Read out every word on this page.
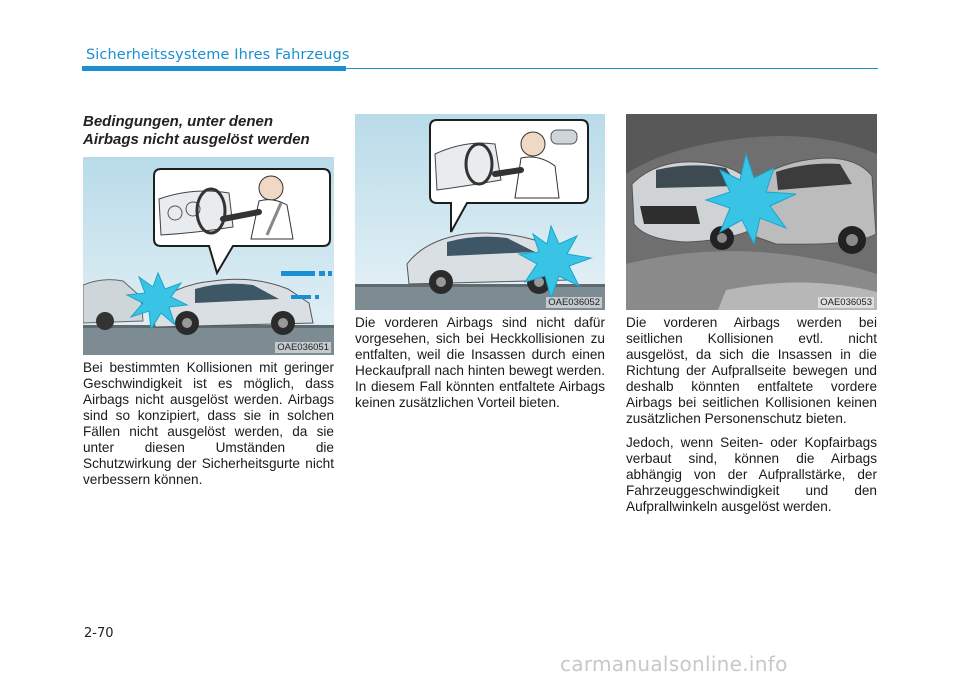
Sicherheitssysteme Ihres Fahrzeugs
Bedingungen, unter denen
Airbags nicht ausgelöst werden
OAE036051
OAE036052	OAE036053

Bei bestimmten Kollisionen mit geringer Geschwindigkeit ist es möglich, dass Airbags nicht ausgelöst werden. Airbags sind so konzipiert, dass sie in solchen Fällen nicht ausgelöst werden, da sie unter diesen Umständen die Schutzwirkung der Sicherheitsgurte nicht verbessern können.

Die vorderen Airbags sind nicht dafür vorgesehen, sich bei Heckkollisionen zu entfalten, weil die Insassen durch einen Heckaufprall nach hinten bewegt werden. In diesem Fall könnten entfaltete Airbags keinen zusätzlichen Vorteil bieten.

Die vorderen Airbags werden bei seitlichen Kollisionen evtl. nicht ausgelöst, da sich die Insassen in die Richtung der Aufprallseite bewegen und deshalb könnten entfaltete vordere Airbags bei seitlichen Kollisionen keinen zusätzlichen Personenschutz bieten.

Jedoch, wenn Seiten- oder Kopfairbags verbaut sind, können die Airbags abhängig von der Aufprallstärke, der Fahrzeuggeschwindigkeit und den Aufprallwinkeln ausgelöst werden.

2-70
carmanualsonline.info
